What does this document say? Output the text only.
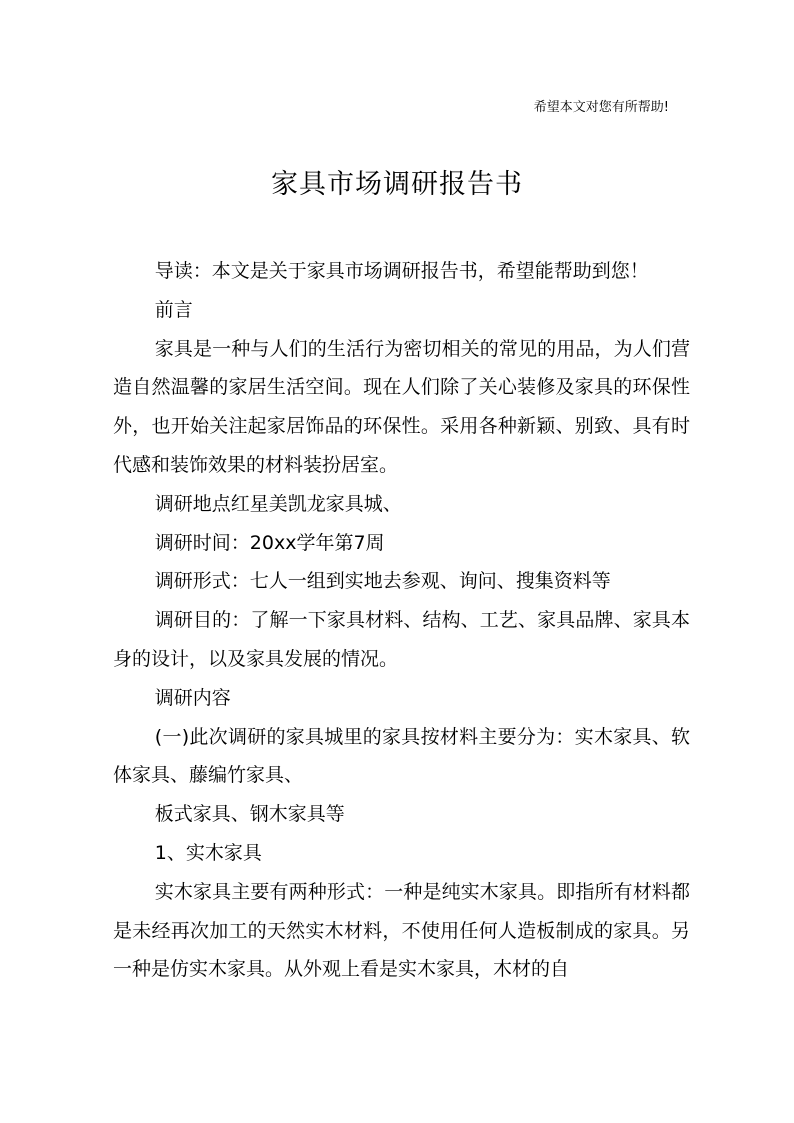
希望本文对您有所帮助!
家具市场调研报告书

导读：本文是关于家具市场调研报告书，希望能帮助到您！

前言

家具是一种与人们的生活行为密切相关的常见的用品，为人们营造自然温馨的家居生活空间。现在人们除了关心装修及家具的环保性外，也开始关注起家居饰品的环保性。采用各种新颖、别致、具有时代感和装饰效果的材料装扮居室。

调研地点红星美凯龙家具城、

调研时间：20xx学年第7周

调研形式：七人一组到实地去参观、询问、搜集资料等

调研目的：了解一下家具材料、结构、工艺、家具品牌、家具本身的设计，以及家具发展的情况。

调研内容

(一)此次调研的家具城里的家具按材料主要分为：实木家具、软体家具、藤编竹家具、

板式家具、钢木家具等

1、实木家具

实木家具主要有两种形式：一种是纯实木家具。即指所有材料都是未经再次加工的天然实木材料，不使用任何人造板制成的家具。另一种是仿实木家具。从外观上看是实木家具，木材的自
